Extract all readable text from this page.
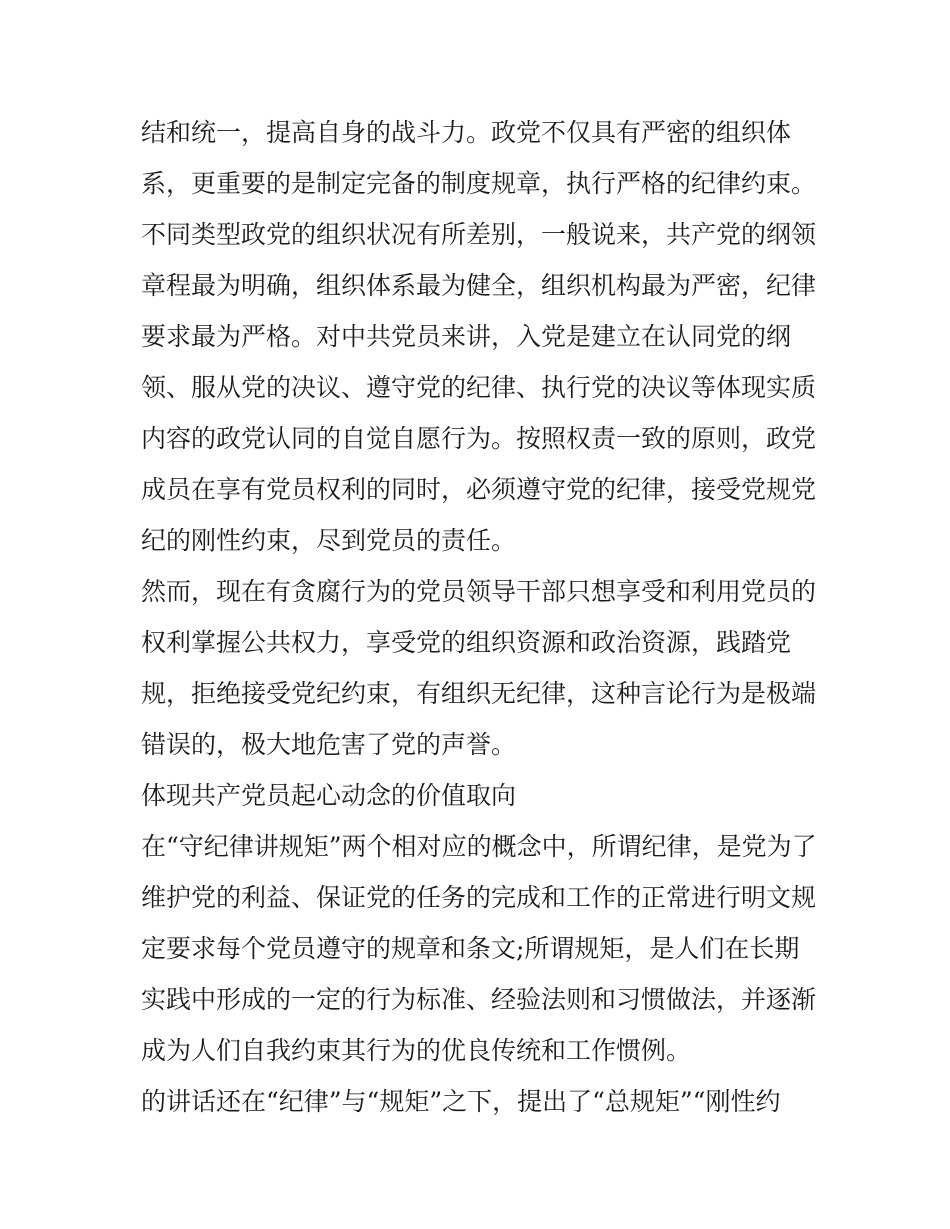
结和统一，提高自身的战斗力。政党不仅具有严密的组织体
系，更重要的是制定完备的制度规章，执行严格的纪律约束。
不同类型政党的组织状况有所差别，一般说来，共产党的纲领
章程最为明确，组织体系最为健全，组织机构最为严密，纪律
要求最为严格。对中共党员来讲，入党是建立在认同党的纲
领、服从党的决议、遵守党的纪律、执行党的决议等体现实质
内容的政党认同的自觉自愿行为。按照权责一致的原则，政党
成员在享有党员权利的同时，必须遵守党的纪律，接受党规党
纪的刚性约束，尽到党员的责任。
然而，现在有贪腐行为的党员领导干部只想享受和利用党员的
权利掌握公共权力，享受党的组织资源和政治资源，践踏党
规，拒绝接受党纪约束，有组织无纪律，这种言论行为是极端
错误的，极大地危害了党的声誉。
体现共产党员起心动念的价值取向
在“守纪律讲规矩”两个相对应的概念中，所谓纪律，是党为了
维护党的利益、保证党的任务的完成和工作的正常进行明文规
定要求每个党员遵守的规章和条文;所谓规矩，是人们在长期
实践中形成的一定的行为标准、经验法则和习惯做法，并逐渐
成为人们自我约束其行为的优良传统和工作惯例。
的讲话还在“纪律”与“规矩”之下，提出了“总规矩”“刚性约
